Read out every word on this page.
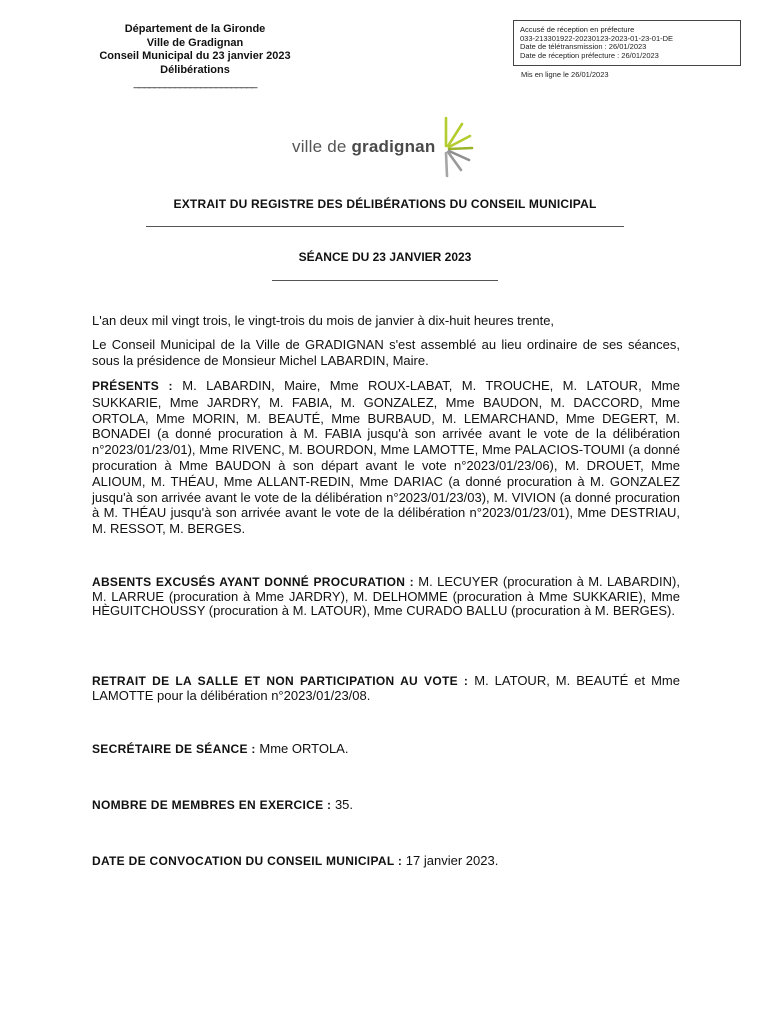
Département de la Gironde
Ville de Gradignan
Conseil Municipal du 23 janvier 2023
Délibérations
________________________
Accusé de réception en préfecture
033-213301922-20230123-2023-01-23-01-DE
Date de télétransmission : 26/01/2023
Date de réception préfecture : 26/01/2023
Mis en ligne le 26/01/2023
ville de gradignan
EXTRAIT DU REGISTRE DES DÉLIBÉRATIONS DU CONSEIL MUNICIPAL
SÉANCE DU 23 JANVIER 2023
L'an deux mil vingt trois, le vingt-trois du mois de janvier à dix-huit heures trente,
Le Conseil Municipal de la Ville de GRADIGNAN s'est assemblé au lieu ordinaire de ses séances, sous la présidence de Monsieur Michel LABARDIN, Maire.
PRÉSENTS : M. LABARDIN, Maire, Mme ROUX-LABAT, M. TROUCHE, M. LATOUR, Mme SUKKARIE, Mme JARDRY, M. FABIA, M. GONZALEZ, Mme BAUDON, M. DACCORD, Mme ORTOLA, Mme MORIN, M. BEAUTÉ, Mme BURBAUD, M. LEMARCHAND, Mme DEGERT, M. BONADEI (a donné procuration à M. FABIA jusqu'à son arrivée avant le vote de la délibération n°2023/01/23/01), Mme RIVENC, M. BOURDON, Mme LAMOTTE, Mme PALACIOS-TOUMI (a donné procuration à Mme BAUDON à son départ avant le vote n°2023/01/23/06), M. DROUET, Mme ALIOUM, M. THÉAU, Mme ALLANT-REDIN, Mme DARIAC (a donné procuration à M. GONZALEZ jusqu'à son arrivée avant le vote de la délibération n°2023/01/23/03), M. VIVION (a donné procuration à M. THÉAU jusqu'à son arrivée avant le vote de la délibération n°2023/01/23/01), Mme DESTRIAU, M. RESSOT, M. BERGES.
ABSENTS EXCUSÉS AYANT DONNÉ PROCURATION : M. LECUYER (procuration à M. LABARDIN), M. LARRUE (procuration à Mme JARDRY), M. DELHOMME (procuration à Mme SUKKARIE), Mme HÈGUITCHOUSSY (procuration à M. LATOUR), Mme CURADO BALLU (procuration à M. BERGES).
RETRAIT DE LA SALLE ET NON PARTICIPATION AU VOTE : M. LATOUR, M. BEAUTÉ et Mme LAMOTTE pour la délibération n°2023/01/23/08.
SECRÉTAIRE DE SÉANCE : Mme ORTOLA.
NOMBRE DE MEMBRES EN EXERCICE : 35.
DATE DE CONVOCATION DU CONSEIL MUNICIPAL : 17 janvier 2023.
